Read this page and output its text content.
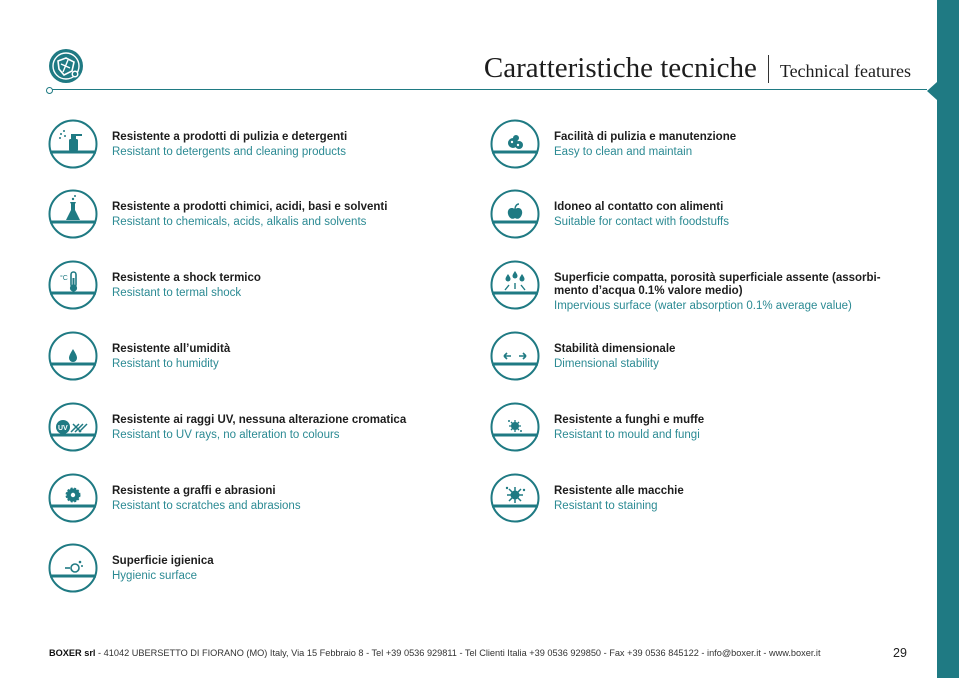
Caratteristiche tecniche Technical features
Resistente a prodotti di pulizia e detergenti
Resistant to detergents and cleaning products
Resistente a prodotti chimici, acidi, basi e solventi
Resistant to chemicals, acids, alkalis and solvents
°C	Resistente a shock termico
Resistant to termal shock
Resistente all’umidità
Resistant to humidity
UV
Resistente ai raggi UV, nessuna alterazione cromatica
Resistant to UV rays, no alteration to colours
Resistente a graffi e abrasioni
Resistant to scratches and abrasions
Superficie igienica
Hygienic surface
Facilità di pulizia e manutenzione
Easy to clean and maintain
Idoneo al contatto con alimenti
Suitable for contact with foodstuffs
Superficie compatta, porosità superficiale assente (assorbi-mento d’acqua 0.1% valore medio)
Impervious surface (water absorption 0.1% average value)
Stabilità dimensionale
Dimensional stability
Resistente a funghi e muffe
Resistant to mould and fungi
Resistente alle macchie
Resistant to staining
BOXER srl - 41042 UBERSETTO DI FIORANO (MO) Italy, Via 15 Febbraio 8 - Tel +39 0536 929811 - Tel Clienti Italia +39 0536 929850 - Fax +39 0536 845122 - info@boxer.it - www.boxer.it	29
